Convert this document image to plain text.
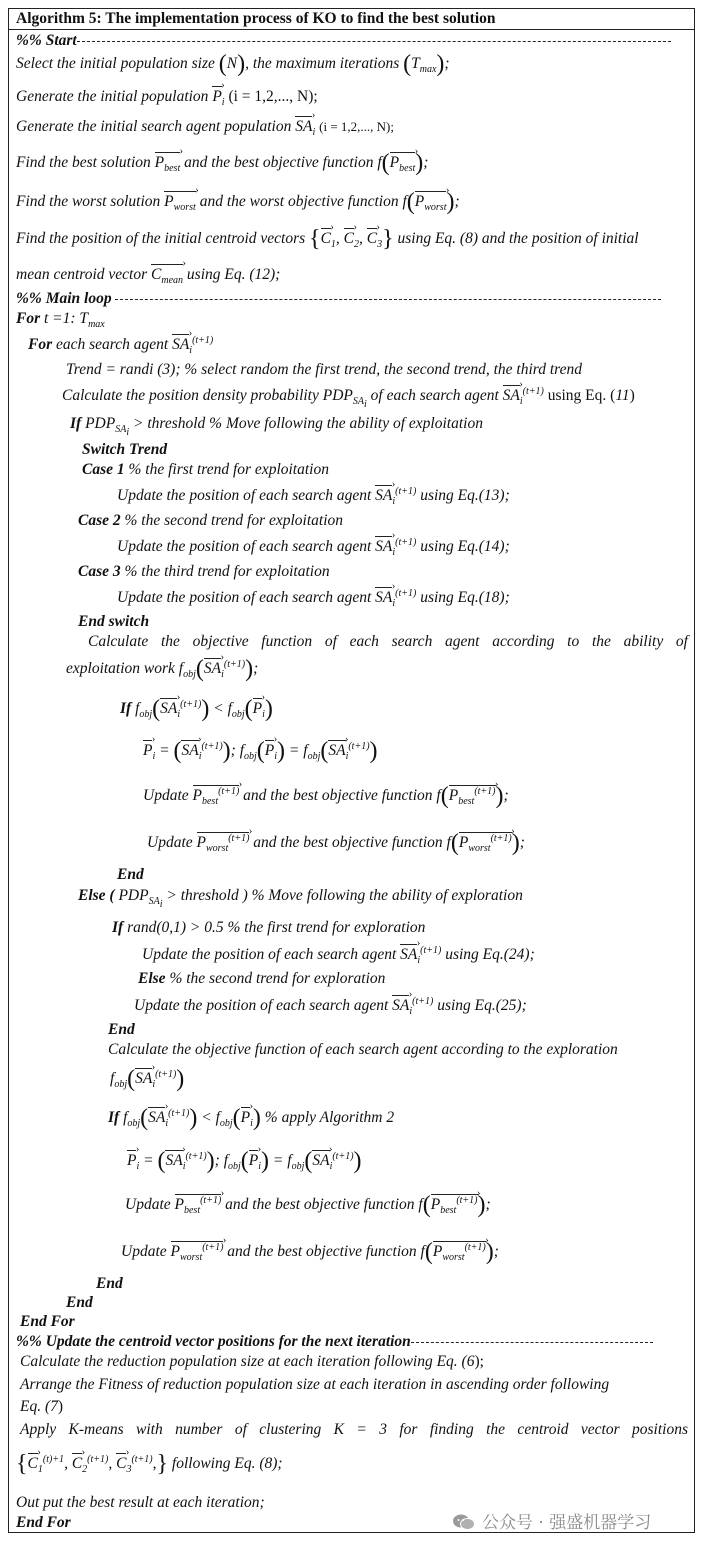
Algorithm 5: The implementation process of KO to find the best solution
%% Start
Select the initial population size (N), the maximum iterations $(T_{max})$;
Generate the initial population P $›_i$ (i = 1,2,..., N);
Generate the initial search agent population SA $›_i$ (i = 1,2,..., N);
Find the best solution $P_{best}$ › and the best objective function $f(P_{best}$ ›);
Find the worst solution $P_{worst}$ › and the worst objective function $f(P_{worst}$ ›);
Find the position of the initial centroid vectors {C $›_1$, C $›_2$, C $›_3$} using Eq. (8) and the position of initial
mean centroid vector $C_{mean}$ › using Eq. (12);
%% Main loop
For t =1: $T_{max}$
For each search agent SA $›_i^{(t+1)}$
Trend = randi (3); % select random the first trend, the second trend, the third trend
Calculate the position density probability $PDP_{SA_i}$ of each search agent SA $›_i^{(t+1)}$ using Eq. (11)
If $PDP_{SA_i}$ > threshold % Move following the ability of exploitation
Switch Trend
Case 1 % the first trend for exploitation
Update the position of each search agent SA $›_i^{(t+1)}$ using Eq.(13);
Case 2 % the second trend for exploitation
Update the position of each search agent SA $›_i^{(t+1)}$ using Eq.(14);
Case 3 % the third trend for exploitation
Update the position of each search agent SA $›_i^{(t+1)}$ using Eq.(18);
End switch
Calculate the objective function of each search agent according to the ability of
exploitation work $f_{obj}(SA$ $›_i^{(t+1)}$);
If $f_{obj}(SA$ $›_i^{(t+1)}) < f_{obj}(P$ $›_i$)
P $›_i = (SA$ $›_i^{(t+1)}$); $f_{obj}(P$ $›_i) = f_{obj}(SA$ $›_i^{(t+1)}$)
Update $P_{best}^{(t+1)}$ › and the best objective function $f(P_{best}^{(t+1)}$ ›);
Update $P_{worst}^{(t+1)}$ › and the best objective function $f(P_{worst}^{(t+1)}$ ›);
End
Else ( $PDP_{SA_i}$ > threshold ) % Move following the ability of exploration
If rand(0,1) > 0.5 % the first trend for exploration
Update the position of each search agent SA $›_i^{(t+1)}$ using Eq.(24);
Else % the second trend for exploration
Update the position of each search agent SA $›_i^{(t+1)}$ using Eq.(25);
End
Calculate the objective function of each search agent according to the exploration
$f_{obj}(SA$ $›_i^{(t+1)}$)
If $f_{obj}(SA$ $›_i^{(t+1)}) < f_{obj}(P$ $›_i$) % apply Algorithm 2
P $›_i = (SA$ $›_i^{(t+1)}$); $f_{obj}(P$ $›_i) = f_{obj}(SA$ $›_i^{(t+1)}$)
Update $P_{best}^{(t+1)}$ › and the best objective function $f(P_{best}^{(t+1)}$ ›);
Update $P_{worst}^{(t+1)}$ › and the best objective function $f(P_{worst}^{(t+1)}$ ›);
End
End
End For
%% Update the centroid vector positions for the next iteration
Calculate the reduction population size at each iteration following Eq. (6);
Arrange the Fitness of reduction population size at each iteration in ascending order following
Eq. (7)
Apply K-means with number of clustering K = 3 for finding the centroid vector positions
{C $›_1^{(t)+1}$, C $›_2^{(t+1)}$, C $›_3^{(t+1)}$,} following Eq. (8);
Out put the best result at each iteration;
End For	公众号 · 强盛机器学习
